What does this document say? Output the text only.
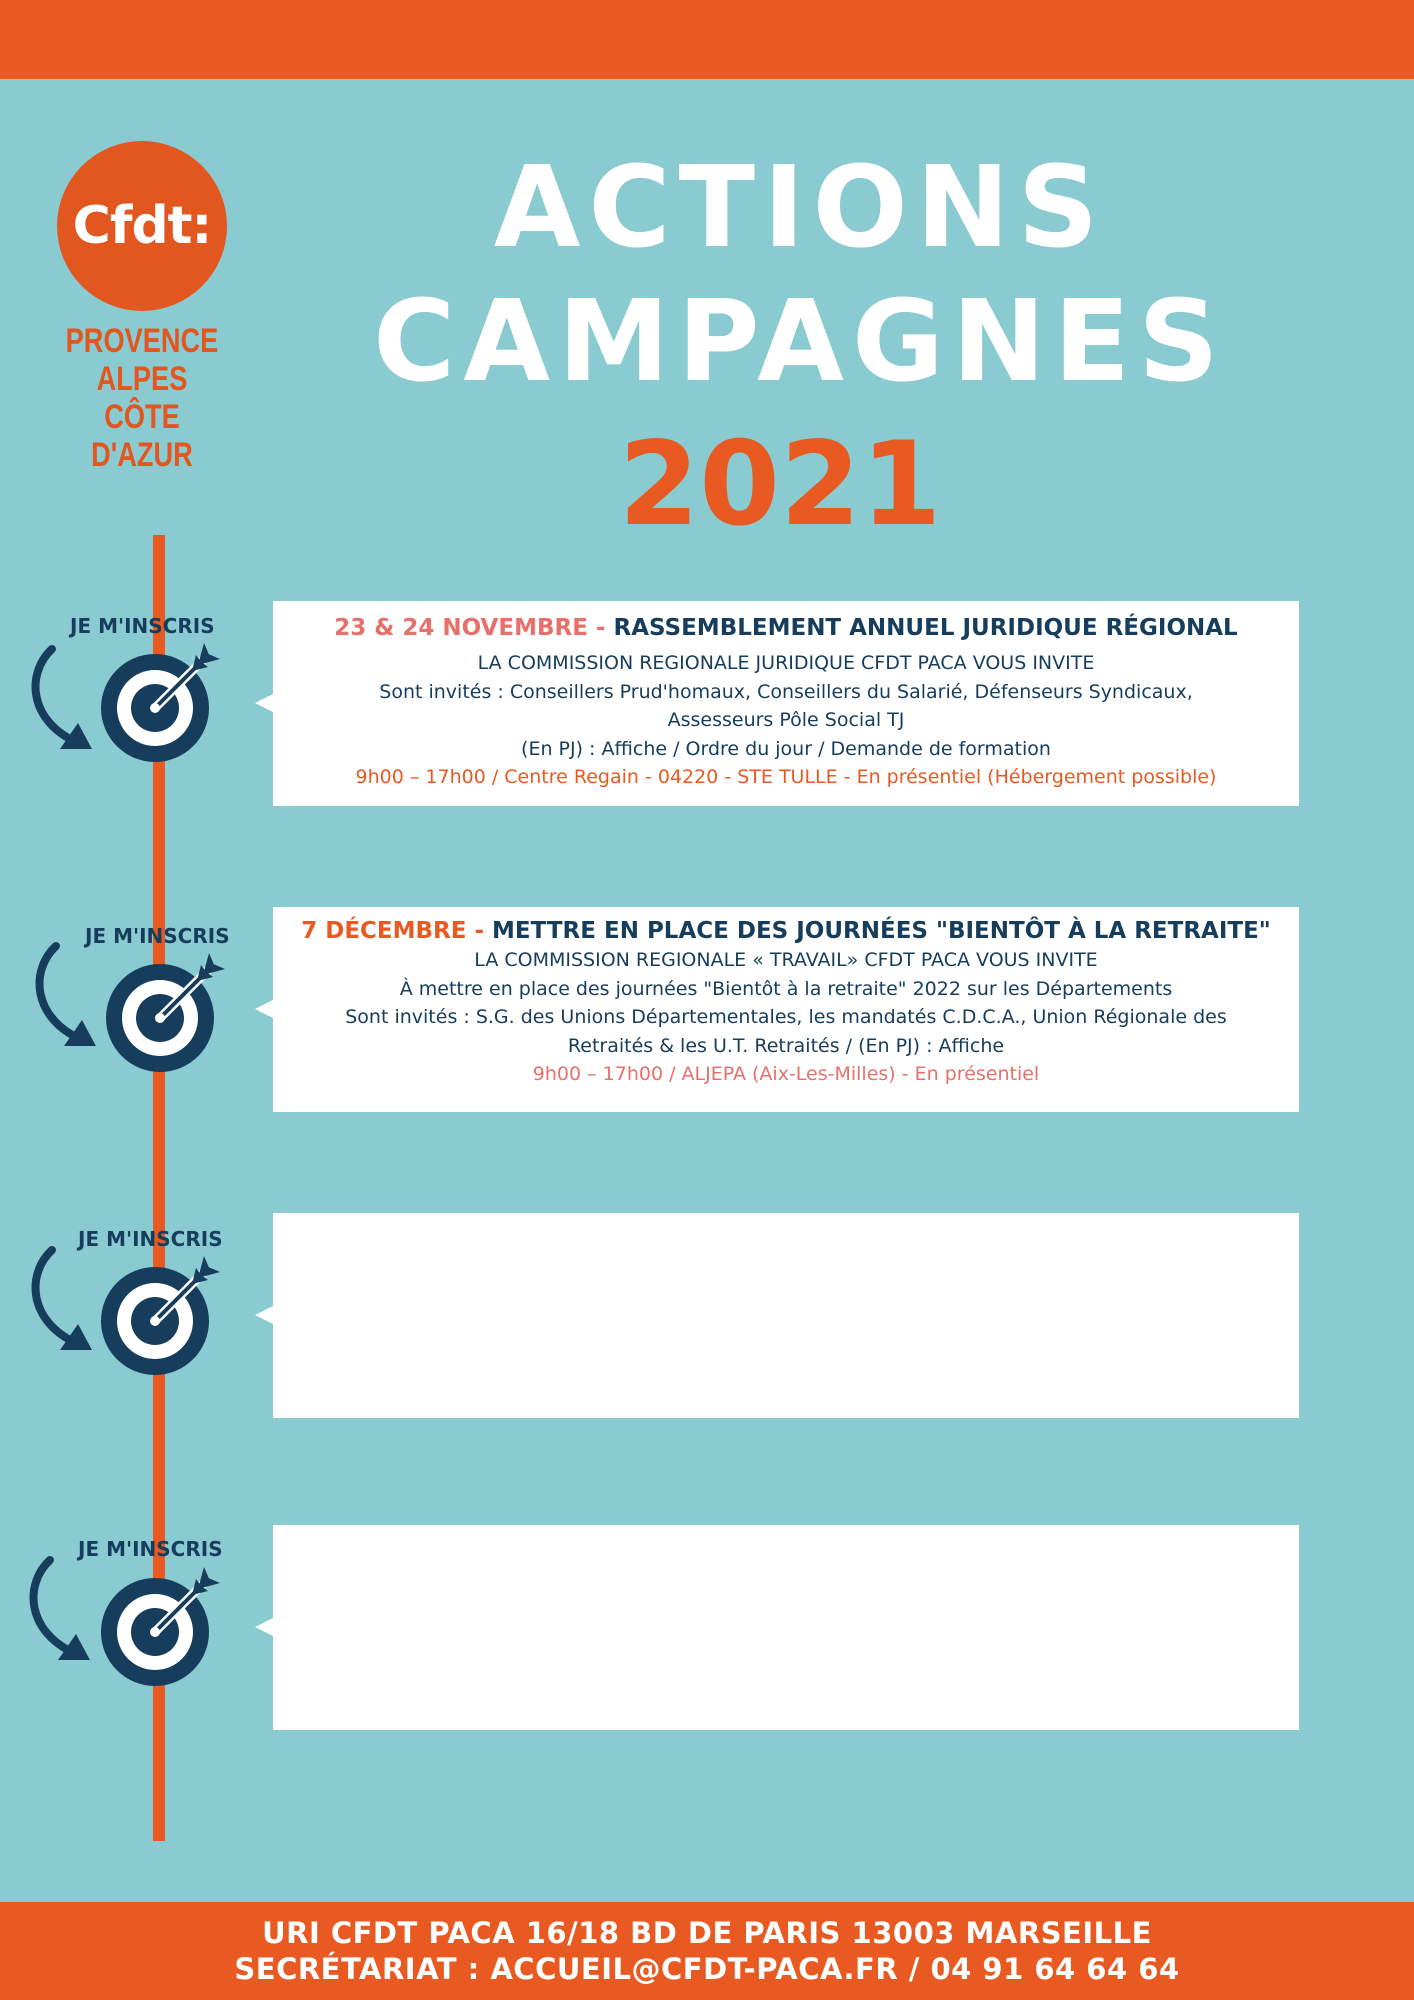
Cfdt:
PROVENCE
ALPES
CÔTE D'AZUR
ACTIONS
CAMPAGNES
2021
JE M'INSCRIS	23 & 24 NOVEMBRE - RASSEMBLEMENT ANNUEL JURIDIQUE RÉGIONAL
LA COMMISSION REGIONALE JURIDIQUE CFDT PACA VOUS INVITE
Sont invités : Conseillers Prud'homaux, Conseillers du Salarié, Défenseurs Syndicaux,
Assesseurs Pôle Social TJ
(En PJ) : Affiche / Ordre du jour / Demande de formation
9h00 – 17h00 / Centre Regain - 04220 - STE TULLE - En présentiel (Hébergement possible)
JE M'INSCRIS	7 DÉCEMBRE - METTRE EN PLACE DES JOURNÉES "BIENTÔT À LA RETRAITE"
LA COMMISSION REGIONALE « TRAVAIL» CFDT PACA VOUS INVITE
À mettre en place des journées "Bientôt à la retraite" 2022 sur les Départements
Sont invités : S.G. des Unions Départementales, les mandatés C.D.C.A., Union Régionale des
Retraités & les U.T. Retraités / (En PJ) : Affiche
9h00 – 17h00 / ALJEPA (Aix-Les-Milles) - En présentiel
JE M'INSCRIS
JE M'INSCRIS
URI CFDT PACA 16/18 BD DE PARIS 13003 MARSEILLE
SECRÉTARIAT : ACCUEIL@CFDT-PACA.FR / 04 91 64 64 64
